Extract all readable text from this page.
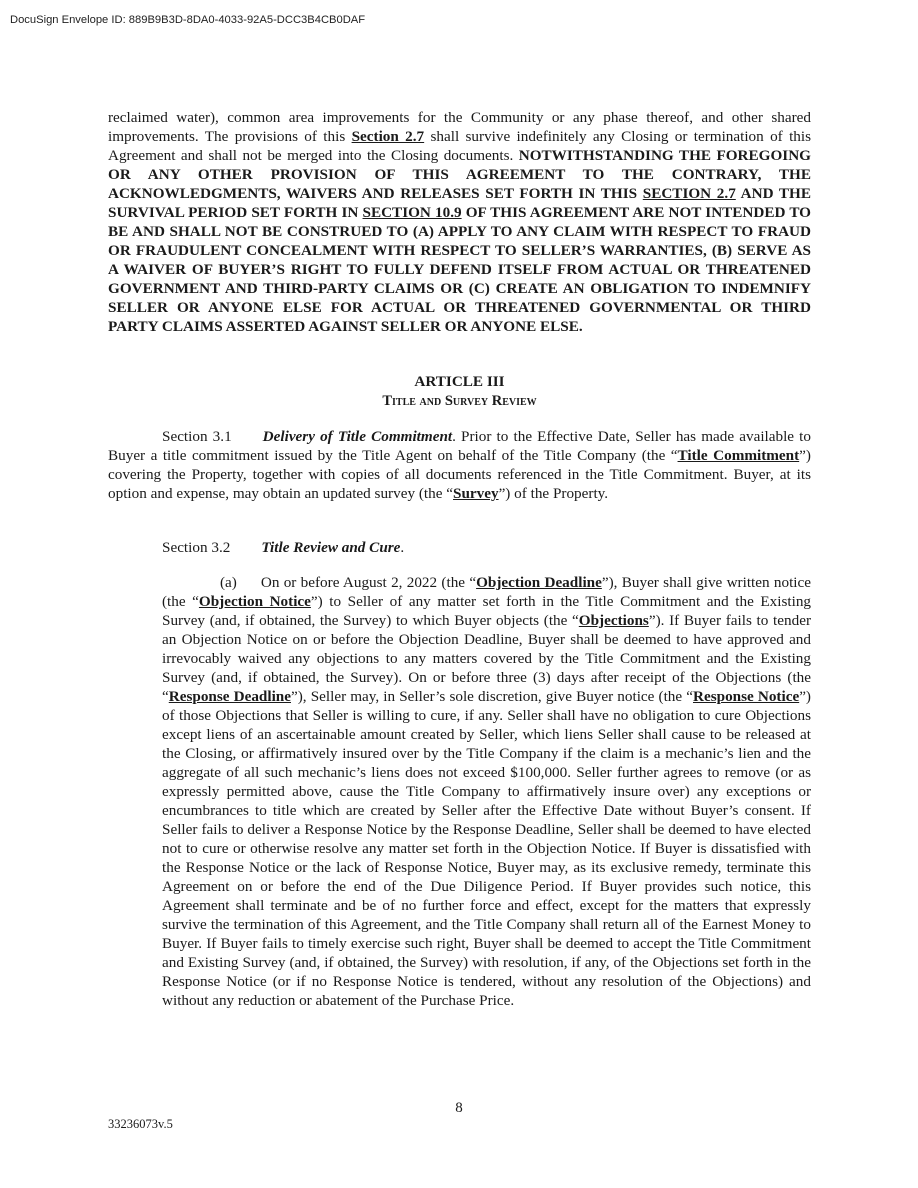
DocuSign Envelope ID: 889B9B3D-8DA0-4033-92A5-DCC3B4CB0DAF

reclaimed water), common area improvements for the Community or any phase thereof, and other shared improvements. The provisions of this Section 2.7 shall survive indefinitely any Closing or termination of this Agreement and shall not be merged into the Closing documents. NOTWITHSTANDING THE FOREGOING OR ANY OTHER PROVISION OF THIS AGREEMENT TO THE CONTRARY, THE ACKNOWLEDGMENTS, WAIVERS AND RELEASES SET FORTH IN THIS SECTION 2.7 AND THE SURVIVAL PERIOD SET FORTH IN SECTION 10.9 OF THIS AGREEMENT ARE NOT INTENDED TO BE AND SHALL NOT BE CONSTRUED TO (A) APPLY TO ANY CLAIM WITH RESPECT TO FRAUD OR FRAUDULENT CONCEALMENT WITH RESPECT TO SELLER’S WARRANTIES, (B) SERVE AS A WAIVER OF BUYER’S RIGHT TO FULLY DEFEND ITSELF FROM ACTUAL OR THREATENED GOVERNMENT AND THIRD-PARTY CLAIMS OR (C) CREATE AN OBLIGATION TO INDEMNIFY SELLER OR ANYONE ELSE FOR ACTUAL OR THREATENED GOVERNMENTAL OR THIRD PARTY CLAIMS ASSERTED AGAINST SELLER OR ANYONE ELSE.

ARTICLE III
Title and Survey Review

Section 3.1 Delivery of Title Commitment. Prior to the Effective Date, Seller has made available to Buyer a title commitment issued by the Title Agent on behalf of the Title Company (the “Title Commitment”) covering the Property, together with copies of all documents referenced in the Title Commitment. Buyer, at its option and expense, may obtain an updated survey (the “Survey”) of the Property.

Section 3.2 Title Review and Cure.

(a) On or before August 2, 2022 (the “Objection Deadline”), Buyer shall give written notice (the “Objection Notice”) to Seller of any matter set forth in the Title Commitment and the Existing Survey (and, if obtained, the Survey) to which Buyer objects (the “Objections”). If Buyer fails to tender an Objection Notice on or before the Objection Deadline, Buyer shall be deemed to have approved and irrevocably waived any objections to any matters covered by the Title Commitment and the Existing Survey (and, if obtained, the Survey). On or before three (3) days after receipt of the Objections (the “Response Deadline”), Seller may, in Seller’s sole discretion, give Buyer notice (the “Response Notice”) of those Objections that Seller is willing to cure, if any. Seller shall have no obligation to cure Objections except liens of an ascertainable amount created by Seller, which liens Seller shall cause to be released at the Closing, or affirmatively insured over by the Title Company if the claim is a mechanic’s lien and the aggregate of all such mechanic’s liens does not exceed $100,000. Seller further agrees to remove (or as expressly permitted above, cause the Title Company to affirmatively insure over) any exceptions or encumbrances to title which are created by Seller after the Effective Date without Buyer’s consent. If Seller fails to deliver a Response Notice by the Response Deadline, Seller shall be deemed to have elected not to cure or otherwise resolve any matter set forth in the Objection Notice. If Buyer is dissatisfied with the Response Notice or the lack of Response Notice, Buyer may, as its exclusive remedy, terminate this Agreement on or before the end of the Due Diligence Period. If Buyer provides such notice, this Agreement shall terminate and be of no further force and effect, except for the matters that expressly survive the termination of this Agreement, and the Title Company shall return all of the Earnest Money to Buyer. If Buyer fails to timely exercise such right, Buyer shall be deemed to accept the Title Commitment and Existing Survey (and, if obtained, the Survey) with resolution, if any, of the Objections set forth in the Response Notice (or if no Response Notice is tendered, without any resolution of the Objections) and without any reduction or abatement of the Purchase Price.

8
33236073v.5
